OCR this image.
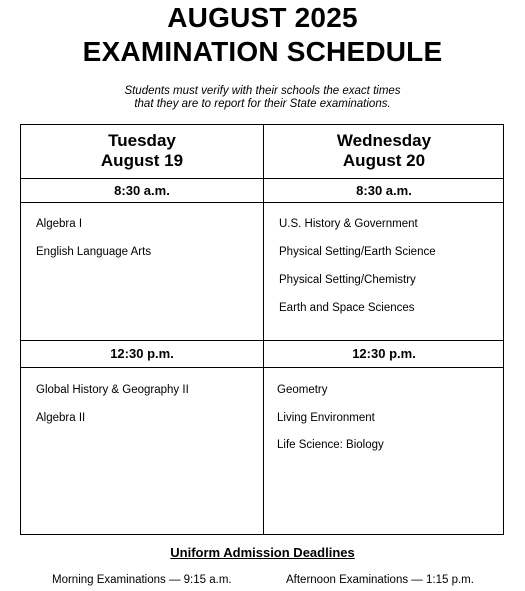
AUGUST 2025
EXAMINATION SCHEDULE
Students must verify with their schools the exact times
that they are to report for their State examinations.
Tuesday
August 19
8:30 a.m.
Algebra I
English Language Arts
12:30 p.m.
Global History & Geography II
Algebra II
Wednesday
August 20
8:30 a.m.
U.S. History & Government
Physical Setting/Earth Science
Physical Setting/Chemistry
Earth and Space Sciences
12:30 p.m.
Geometry
Living Environment
Life Science: Biology
Uniform Admission Deadlines
Morning Examinations — 9:15 a.m.	Afternoon Examinations — 1:15 p.m.
